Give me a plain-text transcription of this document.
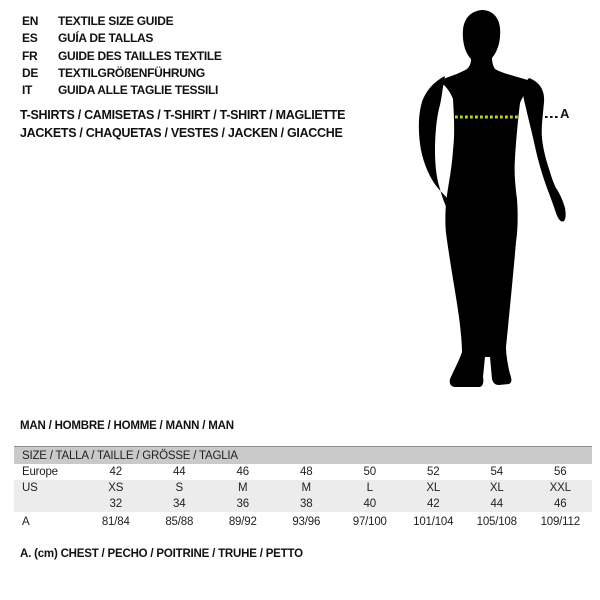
EN	TEXTILE SIZE GUIDE
ES	GUÍA DE TALLAS
FR	GUIDE DES TAILLES TEXTILE
DE	TEXTILGRÖßENFÜHRUNG
IT	GUIDA ALLE TAGLIE TESSILI
T-SHIRTS / CAMISETAS / T-SHIRT / T-SHIRT / MAGLIETTE
JACKETS / CHAQUETAS / VESTES / JACKEN / GIACCHE
A
MAN / HOMBRE / HOMME / MANN / MAN
SIZE / TALLA / TAILLE / GRÖSSE / TAGLIA								

Europe	42	44	46	48	50	52	54	56
US	XS	S	M	M	L	XL	XL	XXL
	32	34	36	38	40	42	44	46
A	81/84	85/88	89/92	93/96	97/100	101/104	105/108	109/112
A. (cm) CHEST / PECHO / POITRINE / TRUHE / PETTO
